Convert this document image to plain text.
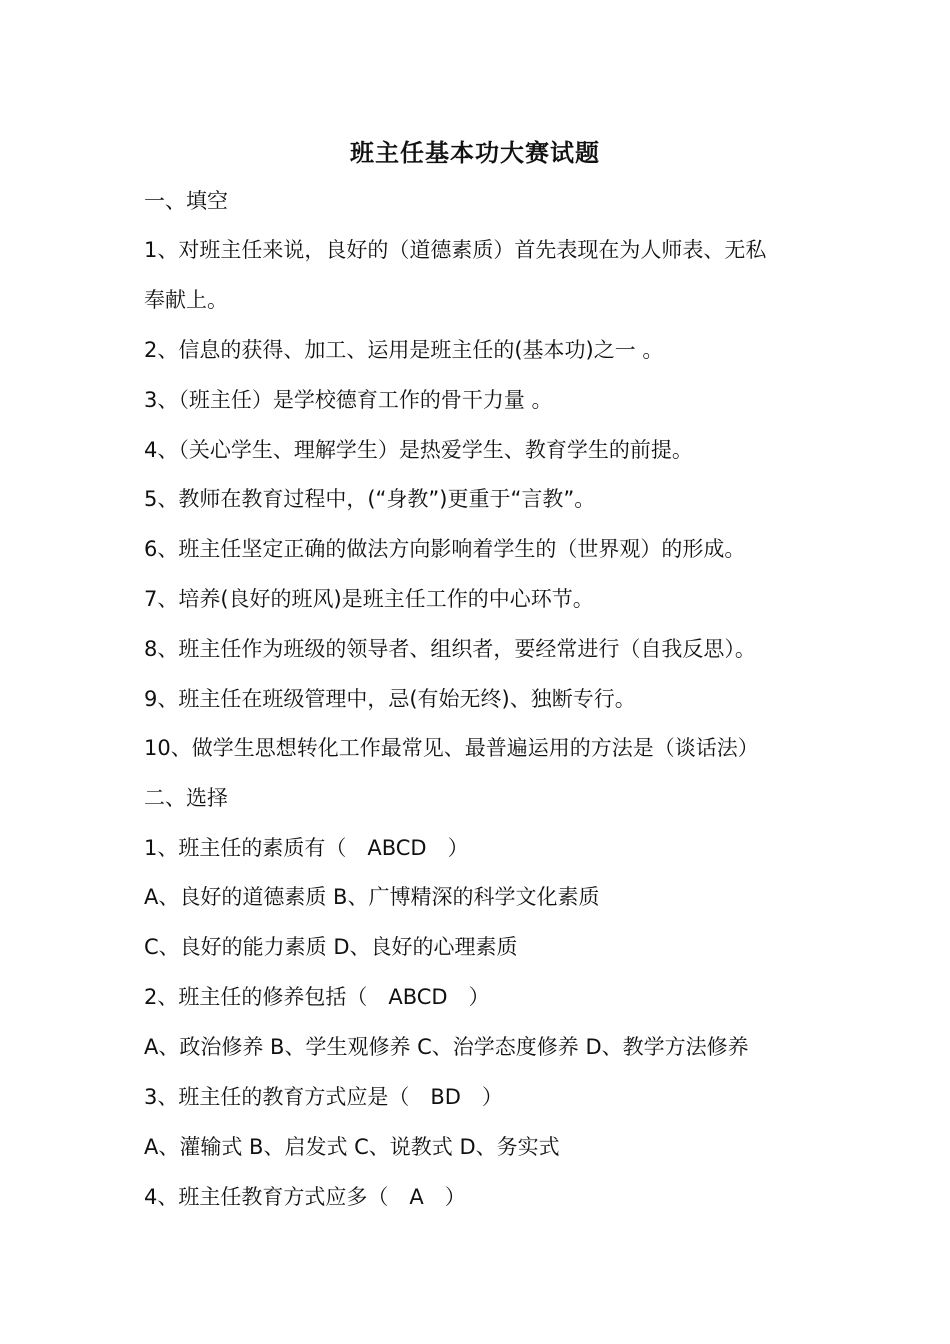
班主任基本功大赛试题
一、填空
1、对班主任来说，良好的（道德素质）首先表现在为人师表、无私
奉献上。
2、信息的获得、加工、运用是班主任的(基本功)之一 。
3、（班主任）是学校德育工作的骨干力量 。
4、（关心学生、理解学生）是热爱学生、教育学生的前提。
5、教师在教育过程中，(“身教”)更重于“言教”。
6、班主任坚定正确的做法方向影响着学生的（世界观）的形成。
7、培养(良好的班风)是班主任工作的中心环节。
8、班主任作为班级的领导者、组织者，要经常进行（自我反思）。
9、班主任在班级管理中，忌(有始无终)、独断专行。
10、做学生思想转化工作最常见、最普遍运用的方法是（谈话法）
二、选择
1、班主任的素质有（　ABCD　）
A、良好的道德素质 B、广博精深的科学文化素质
C、良好的能力素质 D、良好的心理素质
2、班主任的修养包括（　ABCD　）
A、政治修养 B、学生观修养 C、治学态度修养 D、教学方法修养
3、班主任的教育方式应是（　BD　）
A、灌输式 B、启发式 C、说教式 D、务实式
4、班主任教育方式应多（　A　）
